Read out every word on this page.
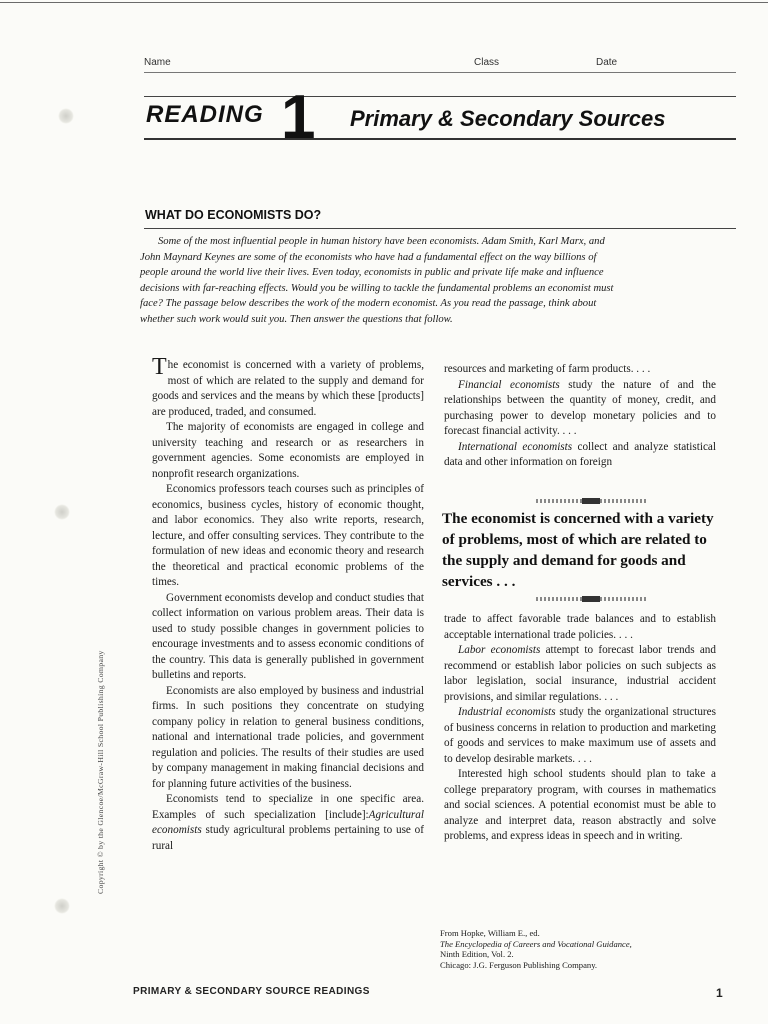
Name	Class	Date
READING 1 Primary & Secondary Sources
WHAT DO ECONOMISTS DO?
Some of the most influential people in human history have been economists. Adam Smith, Karl Marx, and John Maynard Keynes are some of the economists who have had a fundamental effect on the way billions of people around the world live their lives. Even today, economists in public and private life make and influence decisions with far-reaching effects. Would you be willing to tackle the fundamental problems an economist must face? The passage below describes the work of the modern economist. As you read the passage, think about whether such work would suit you. Then answer the questions that follow.

The economist is concerned with a variety of problems, most of which are related to the supply and demand for goods and services and the means by which these [products] are produced, traded, and consumed.

The majority of economists are engaged in college and university teaching and research or as researchers in government agencies. Some economists are employed in nonprofit research organizations.

Economics professors teach courses such as principles of economics, business cycles, history of economic thought, and labor economics. They also write reports, research, lecture, and offer consulting services. They contribute to the formulation of new ideas and economic theory and research the theoretical and practical economic problems of the times.

Government economists develop and conduct studies that collect information on various problem areas. Their data is used to study possible changes in government policies to encourage investments and to assess economic conditions of the country. This data is generally published in government bulletins and reports.

Economists are also employed by business and industrial firms. In such positions they concentrate on studying company policy in relation to general business conditions, national and international trade policies, and government regulation and policies. The results of their studies are used by company management in making financial decisions and for planning future activities of the business.

Economists tend to specialize in one specific area. Examples of such specialization [include]:Agricultural economists study agricultural problems pertaining to use of rural

resources and marketing of farm products. . . .

Financial economists study the nature of and the relationships between the quantity of money, credit, and purchasing power to develop monetary policies and to forecast financial activity. . . .

International economists collect and analyze statistical data and other information on foreign

The economist is concerned with a variety of problems, most of which are related to the supply and demand for goods and services . . .

trade to affect favorable trade balances and to establish acceptable international trade policies. . . .

Labor economists attempt to forecast labor trends and recommend or establish labor policies on such subjects as labor legislation, social insurance, industrial accident provisions, and similar regulations. . . .

Industrial economists study the organizational structures of business concerns in relation to production and marketing of goods and services to make maximum use of assets and to develop desirable markets. . . .

Interested high school students should plan to take a college preparatory program, with courses in mathematics and social sciences. A potential economist must be able to analyze and interpret data, reason abstractly and solve problems, and express ideas in speech and in writing.

From Hopke, William E., ed.
The Encyclopedia of Careers and Vocational Guidance,
Ninth Edition, Vol. 2.
Chicago: J.G. Ferguson Publishing Company.
Copyright © by the Glencoe/McGraw-Hill School Publishing Company
PRIMARY & SECONDARY SOURCE READINGS	1
